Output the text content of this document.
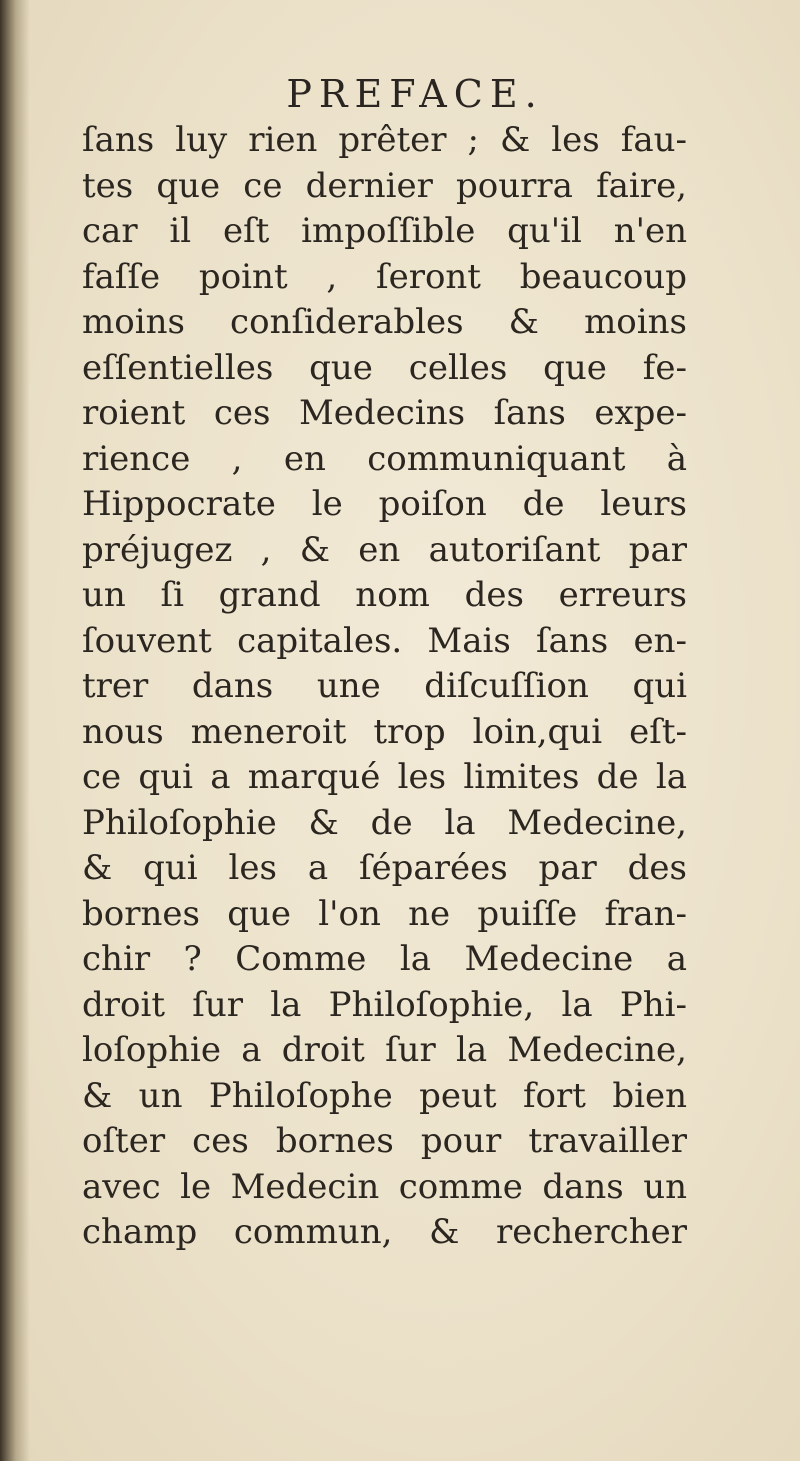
PREFACE.
ſans luy rien prêter ; & les fau-
tes que ce dernier pourra faire,
car il eſt impoſſible qu'il n'en
faſſe point , ſeront beaucoup
moins conſiderables & moins
eſſentielles que celles que fe-
roient ces Medecins ſans expe-
rience , en communiquant à
Hippocrate le poiſon de leurs
préjugez , & en autoriſant par
un ſi grand nom des erreurs
ſouvent capitales. Mais ſans en-
trer dans une diſcuſſion qui
nous meneroit trop loin,qui eſt-
ce qui a marqué les limites de la
Philoſophie & de la Medecine,
& qui les a ſéparées par des
bornes que l'on ne puiſſe fran-
chir ? Comme la Medecine a
droit ſur la Philoſophie, la Phi-
loſophie a droit ſur la Medecine,
& un Philoſophe peut fort bien
oſter ces bornes pour travailler
avec le Medecin comme dans un
champ commun, & rechercher
